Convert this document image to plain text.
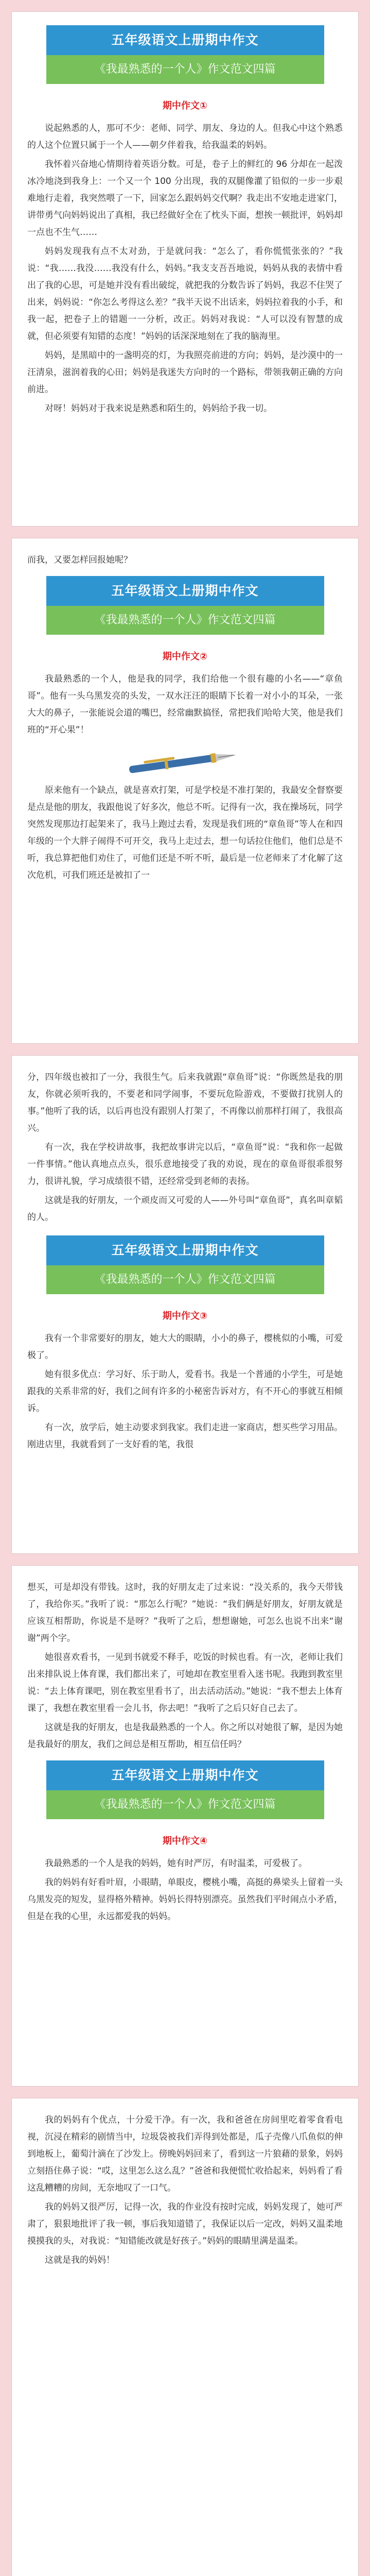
五年级语文上册期中作文
《我最熟悉的一个人》作文范文四篇
期中作文①

说起熟悉的人，那可不少：老师、同学、朋友、身边的人。但我心中这个熟悉的人这个位置只属于一个人——朝夕伴着我，给我温柔的妈妈。

我怀着兴奋地心情期待着英语分数。可是，卷子上的鲜红的 96 分却在一起泼冰冷地浇到我身上：一个又一个 100 分出现，我的双腿像灌了铅似的一步一步艰难地行走着，我突然喂了一下，回家怎么跟妈妈交代啊？我走出不安地走进家门，讲带勇气向妈妈说出了真相，我已经做好全在了枕头下面，想挨一顿批评，妈妈却一点也不生气……

妈妈发现我有点不太对劲，于是就问我：“怎么了，看你慌慌张张的？”我说：“我……我没……我没有什么，妈妈。”我支支吾吾地说，妈妈从我的表情中看出了我的心思，可是她并没有看出破绽，就把我的分数告诉了妈妈，我忍不住哭了出来，妈妈说：“你怎么考得这么差？”我半天说不出话来，妈妈拉着我的小手，和我一起，把卷子上的错题一一分析，改正。妈妈对我说：“人可以没有智慧的成就，但必须要有知错的态度！”妈妈的话深深地刻在了我的脑海里。

妈妈，是黑暗中的一盏明亮的灯，为我照亮前进的方向；妈妈，是沙漠中的一汪清泉，滋润着我的心田；妈妈是我迷失方向时的一个路标，带领我朝正确的方向前进。

对呀！妈妈对于我来说是熟悉和陌生的，妈妈给予我一切。

而我，又要怎样回报她呢？

五年级语文上册期中作文
《我最熟悉的一个人》作文范文四篇
期中作文②

我最熟悉的一个人，他是我的同学，我们给他一个很有趣的小名——“章鱼哥”。他有一头乌黑发亮的头发，一双水汪汪的眼睛下长着一对小小的耳朵，一张大大的鼻子，一张能说会道的嘴巴，经常幽默搞怪，常把我们哈哈大笑，他是我们班的“开心果”！

原来他有一个缺点，就是喜欢打架，可是学校是不准打架的，我最安全督察要是点是他的朋友，我跟他说了好多次，他总不听。记得有一次，我在操场玩，同学突然发现那边打起架来了，我马上跑过去看，发现是我们班的“章鱼哥”等人在和四年级的一个大胖子闹得不可开交，我马上走过去，想一句话拉住他们，他们总是不听，我总算把他们劝住了，可他们还是不听不听，最后是一位老师来了才化解了这次危机，可我们班还是被扣了一

分，四年级也被扣了一分，我很生气。后来我就跟“章鱼哥”说：“你既然是我的朋友，你就必须听我的，不要老和同学闹事，不要玩危险游戏，不要做打扰别人的事。”他听了我的话，以后再也没有跟别人打架了，不再像以前那样打闹了，我很高兴。

有一次，我在学校讲故事，我把故事讲完以后，“章鱼哥”说：“我和你一起做一件事情。”他认真地点点头，很乐意地接受了我的劝说，现在的章鱼哥很乖很努力，很讲礼貌，学习成绩很不错，还经常受到老师的表扬。

这就是我的好朋友，一个顽皮而又可爱的人——外号叫“章鱼哥”，真名叫章韬的人。

五年级语文上册期中作文
《我最熟悉的一个人》作文范文四篇
期中作文③

我有一个非常要好的朋友，她大大的眼睛，小小的鼻子，樱桃似的小嘴，可爱极了。

她有很多优点：学习好、乐于助人，爱看书。我是一个普通的小学生，可是她跟我的关系非常的好，我们之间有许多的小秘密告诉对方，有不开心的事就互相倾诉。

有一次，放学后，她主动要求到我家。我们走进一家商店，想买些学习用品。刚进店里，我就看到了一支好看的笔，我很

想买，可是却没有带钱。这时，我的好朋友走了过来说：“没关系的，我今天带钱了，我给你买。”我听了说：“那怎么行呢？”她说：“我们俩是好朋友，好朋友就是应该互相帮助，你说是不是呀？”我听了之后，想想谢她，可怎么也说不出来“谢谢”两个字。

她很喜欢看书，一见到书就爱不释手，吃饭的时候也看。有一次，老师让我们出来排队说上体育课，我们都出来了，可她却在教室里看入迷书呢。我跑到教室里说：“去上体育课吧，别在教室里看书了，出去活动活动。”她说：“我不想去上体育课了，我想在教室里看一会儿书，你去吧！”我听了之后只好自己去了。

这就是我的好朋友，也是我最熟悉的一个人。你之所以对她很了解，是因为她是我最好的朋友，我们之间总是相互帮助，相互信任吗？

五年级语文上册期中作文
《我最熟悉的一个人》作文范文四篇
期中作文④

我最熟悉的一个人是我的妈妈，她有时严厉，有时温柔，可爱极了。

我的妈妈有好看叶眉，小眼睛，单眼皮，樱桃小嘴，高挺的鼻梁头上留着一头乌黑发亮的短发，显得格外精神。妈妈长得特别漂亮。虽然我们平时闹点小矛盾，但是在我的心里，永远都爱我的妈妈。

我的妈妈有个优点，十分爱干净。有一次，我和爸爸在房间里吃着零食看电视，沉浸在精彩的剧情当中，垃圾袋被我们弄得到处都是，瓜子壳像八爪鱼似的伸到地板上，葡萄汁滴在了沙发上。傍晚妈妈回来了，看到这一片狼藉的景象，妈妈立刻捂住鼻子说：“哎，这里怎么这么乱？”爸爸和我便慌忙收拾起来，妈妈看了看这乱糟糟的房间，无奈地叹了一口气。

我的妈妈又很严厉，记得一次，我的作业没有按时完成，妈妈发现了，她可严肃了，狠狠地批评了我一顿，事后我知道错了，我保证以后一定改，妈妈又温柔地摸摸我的头，对我说：“知错能改就是好孩子。”妈妈的眼睛里满是温柔。

这就是我的妈妈！
